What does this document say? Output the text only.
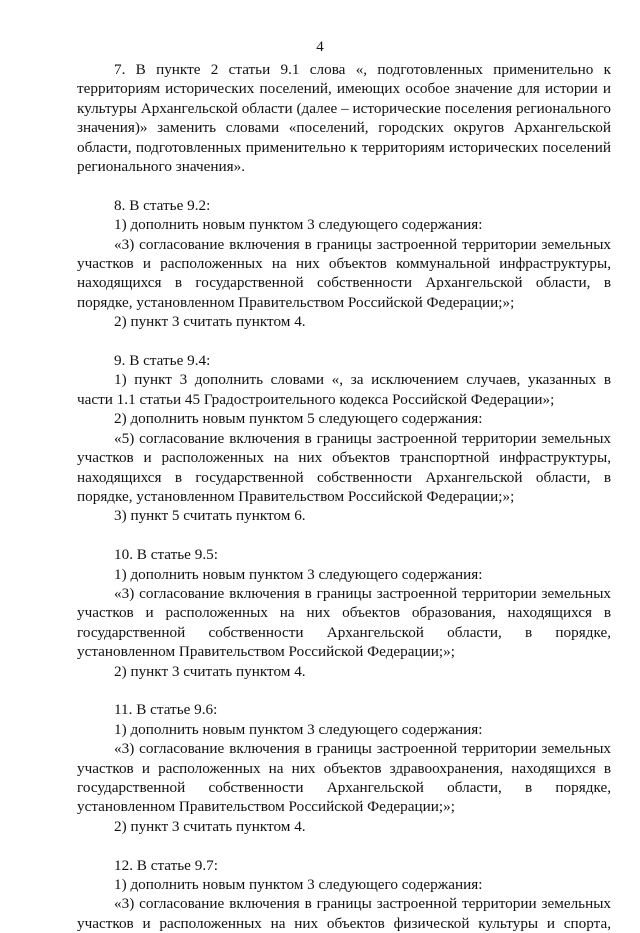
4

7. В пункте 2 статьи 9.1 слова «, подготовленных применительно к территориям исторических поселений, имеющих особое значение для истории и культуры Архангельской области (далее – исторические поселения регионального значения)» заменить словами «поселений, городских округов Архангельской области, подготовленных применительно к территориям исторических поселений регионального значения».

8. В статье 9.2:

1) дополнить новым пунктом 3 следующего содержания:

«3) согласование включения в границы застроенной территории земельных участков и расположенных на них объектов коммунальной инфраструктуры, находящихся в государственной собственности Архангельской области, в порядке, установленном Правительством Российской Федерации;»;

2) пункт 3 считать пунктом 4.

9. В статье 9.4:

1) пункт 3 дополнить словами «, за исключением случаев, указанных в части 1.1 статьи 45 Градостроительного кодекса Российской Федерации»;

2) дополнить новым пунктом 5 следующего содержания:

«5) согласование включения в границы застроенной территории земельных участков и расположенных на них объектов транспортной инфраструктуры, находящихся в государственной собственности Архангельской области, в порядке, установленном Правительством Российской Федерации;»;

3) пункт 5 считать пунктом 6.

10. В статье 9.5:

1) дополнить новым пунктом 3 следующего содержания:

«3) согласование включения в границы застроенной территории земельных участков и расположенных на них объектов образования, находящихся в государственной собственности Архангельской области, в порядке, установленном Правительством Российской Федерации;»;

2) пункт 3 считать пунктом 4.

11. В статье 9.6:

1) дополнить новым пунктом 3 следующего содержания:

«3) согласование включения в границы застроенной территории земельных участков и расположенных на них объектов здравоохранения, находящихся в государственной собственности Архангельской области, в порядке, установленном Правительством Российской Федерации;»;

2) пункт 3 считать пунктом 4.

12. В статье 9.7:

1) дополнить новым пунктом 3 следующего содержания:

«3) согласование включения в границы застроенной территории земельных участков и расположенных на них объектов физической культуры и спорта,
